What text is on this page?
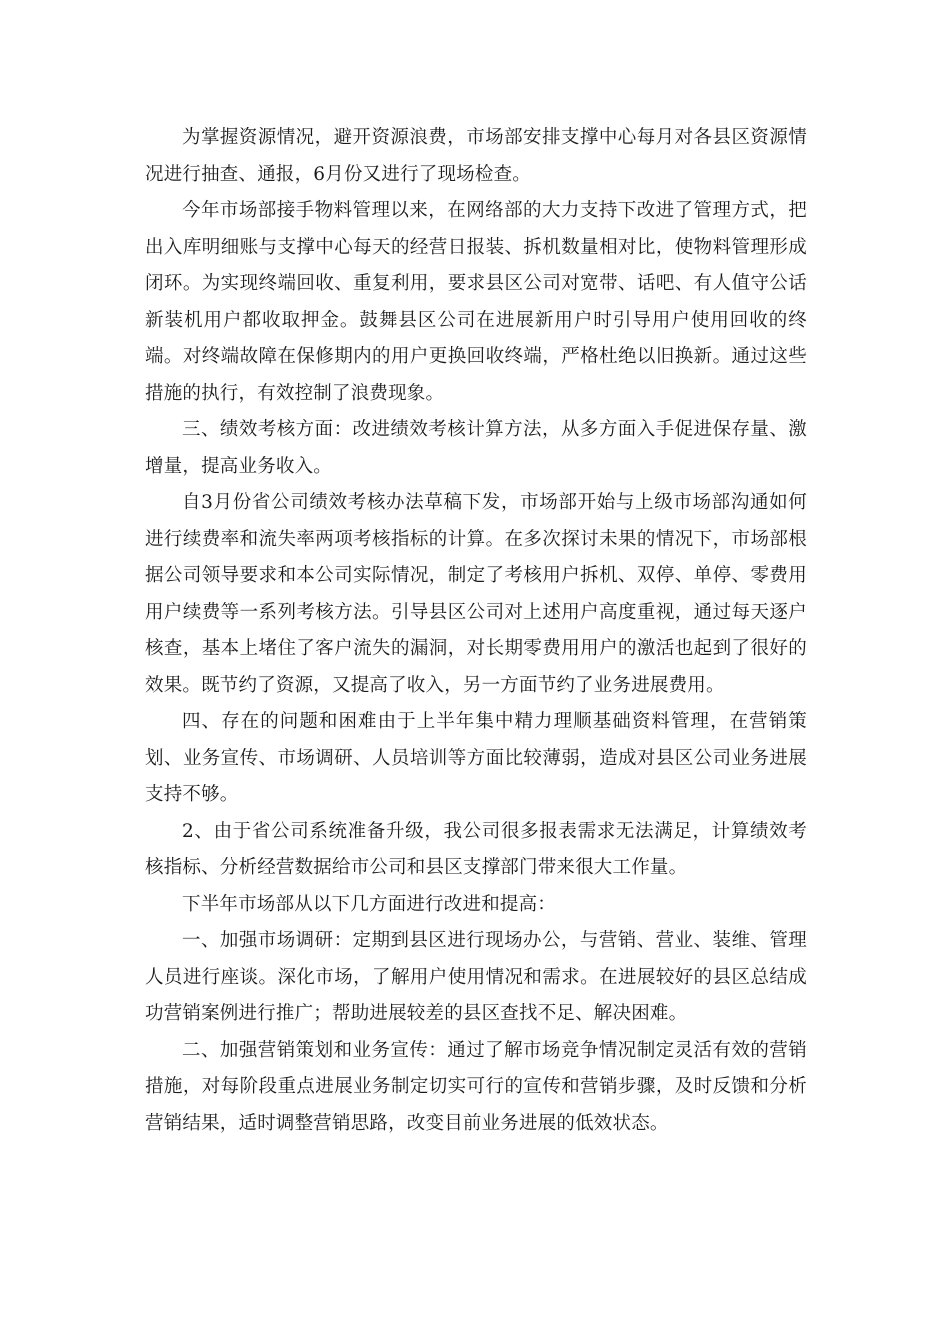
为掌握资源情况，避开资源浪费，市场部安排支撑中心每月对各县区资源情况进行抽查、通报，6月份又进行了现场检查。

今年市场部接手物料管理以来，在网络部的大力支持下改进了管理方式，把出入库明细账与支撑中心每天的经营日报装、拆机数量相对比，使物料管理形成闭环。为实现终端回收、重复利用，要求县区公司对宽带、话吧、有人值守公话新装机用户都收取押金。鼓舞县区公司在进展新用户时引导用户使用回收的终端。对终端故障在保修期内的用户更换回收终端，严格杜绝以旧换新。通过这些措施的执行，有效控制了浪费现象。

三、绩效考核方面：改进绩效考核计算方法，从多方面入手促进保存量、激增量，提高业务收入。

自3月份省公司绩效考核办法草稿下发，市场部开始与上级市场部沟通如何进行续费率和流失率两项考核指标的计算。在多次探讨未果的情况下，市场部根据公司领导要求和本公司实际情况，制定了考核用户拆机、双停、单停、零费用用户续费等一系列考核方法。引导县区公司对上述用户高度重视，通过每天逐户核查，基本上堵住了客户流失的漏洞，对长期零费用用户的激活也起到了很好的效果。既节约了资源，又提高了收入，另一方面节约了业务进展费用。

四、存在的问题和困难由于上半年集中精力理顺基础资料管理，在营销策划、业务宣传、市场调研、人员培训等方面比较薄弱，造成对县区公司业务进展支持不够。

2、由于省公司系统准备升级，我公司很多报表需求无法满足，计算绩效考核指标、分析经营数据给市公司和县区支撑部门带来很大工作量。

下半年市场部从以下几方面进行改进和提高：

一、加强市场调研：定期到县区进行现场办公，与营销、营业、装维、管理人员进行座谈。深化市场，了解用户使用情况和需求。在进展较好的县区总结成功营销案例进行推广；帮助进展较差的县区查找不足、解决困难。

二、加强营销策划和业务宣传：通过了解市场竞争情况制定灵活有效的营销措施，对每阶段重点进展业务制定切实可行的宣传和营销步骤，及时反馈和分析营销结果，适时调整营销思路，改变目前业务进展的低效状态。
